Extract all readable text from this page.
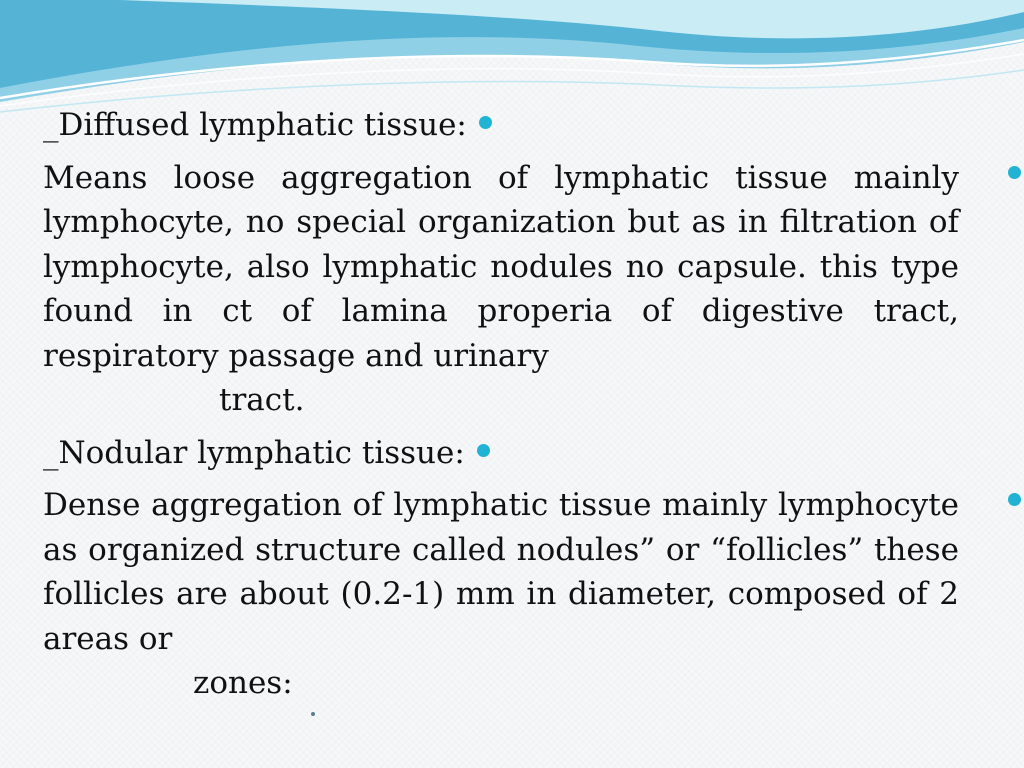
_Diffused lymphatic tissue:
Means loose aggregation of lymphatic tissue mainly lymphocyte, no special organization but as in filtration of lymphocyte, also lymphatic nodules no capsule. this type found in ct of lamina properia of digestive tract, respiratory passage and urinary
tract.
_Nodular lymphatic tissue:
Dense aggregation of lymphatic tissue mainly lymphocyte as organized structure called nodules” or “follicles” these follicles are about (0.2-1) mm in diameter, composed of 2 areas or
zones:
